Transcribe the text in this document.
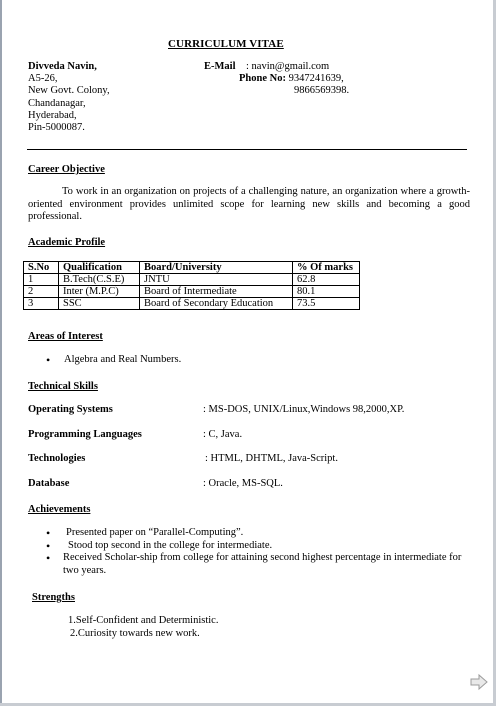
CURRICULUM VITAE
Divveda Navin,
A5-26,
New Govt. Colony,
Chandanagar,
Hyderabad,
Pin-5000087.
E-Mail : navin@gmail.com
Phone No: 9347241639,
9866569398.
Career Objective
To work in an organization on projects of a challenging nature, an organization where a growth-oriented environment provides unlimited scope for learning new skills and becoming a good professional.
Academic Profile
S.No	Qualification	Board/University	% Of marks
1	B.Tech(C.S.E)	JNTU	62.8
2	Inter (M.P.C)	Board of Intermediate	80.1
3	SSC	Board of Secondary Education	73.5
Areas of Interest
• Algebra and Real Numbers.
Technical Skills
Operating Systems	: MS-DOS, UNIX/Linux,Windows 98,2000,XP.
Programming Languages	: C, Java.
Technologies	: HTML, DHTML, Java-Script.
Database	: Oracle, MS-SQL.
Achievements
• Presented paper on “Parallel-Computing”.
• Stood top second in the college for intermediate.
• Received Scholar-ship from college for attaining second highest percentage in intermediate for two years.
Strengths
1.Self-Confident and Deterministic.
2.Curiosity towards new work.
